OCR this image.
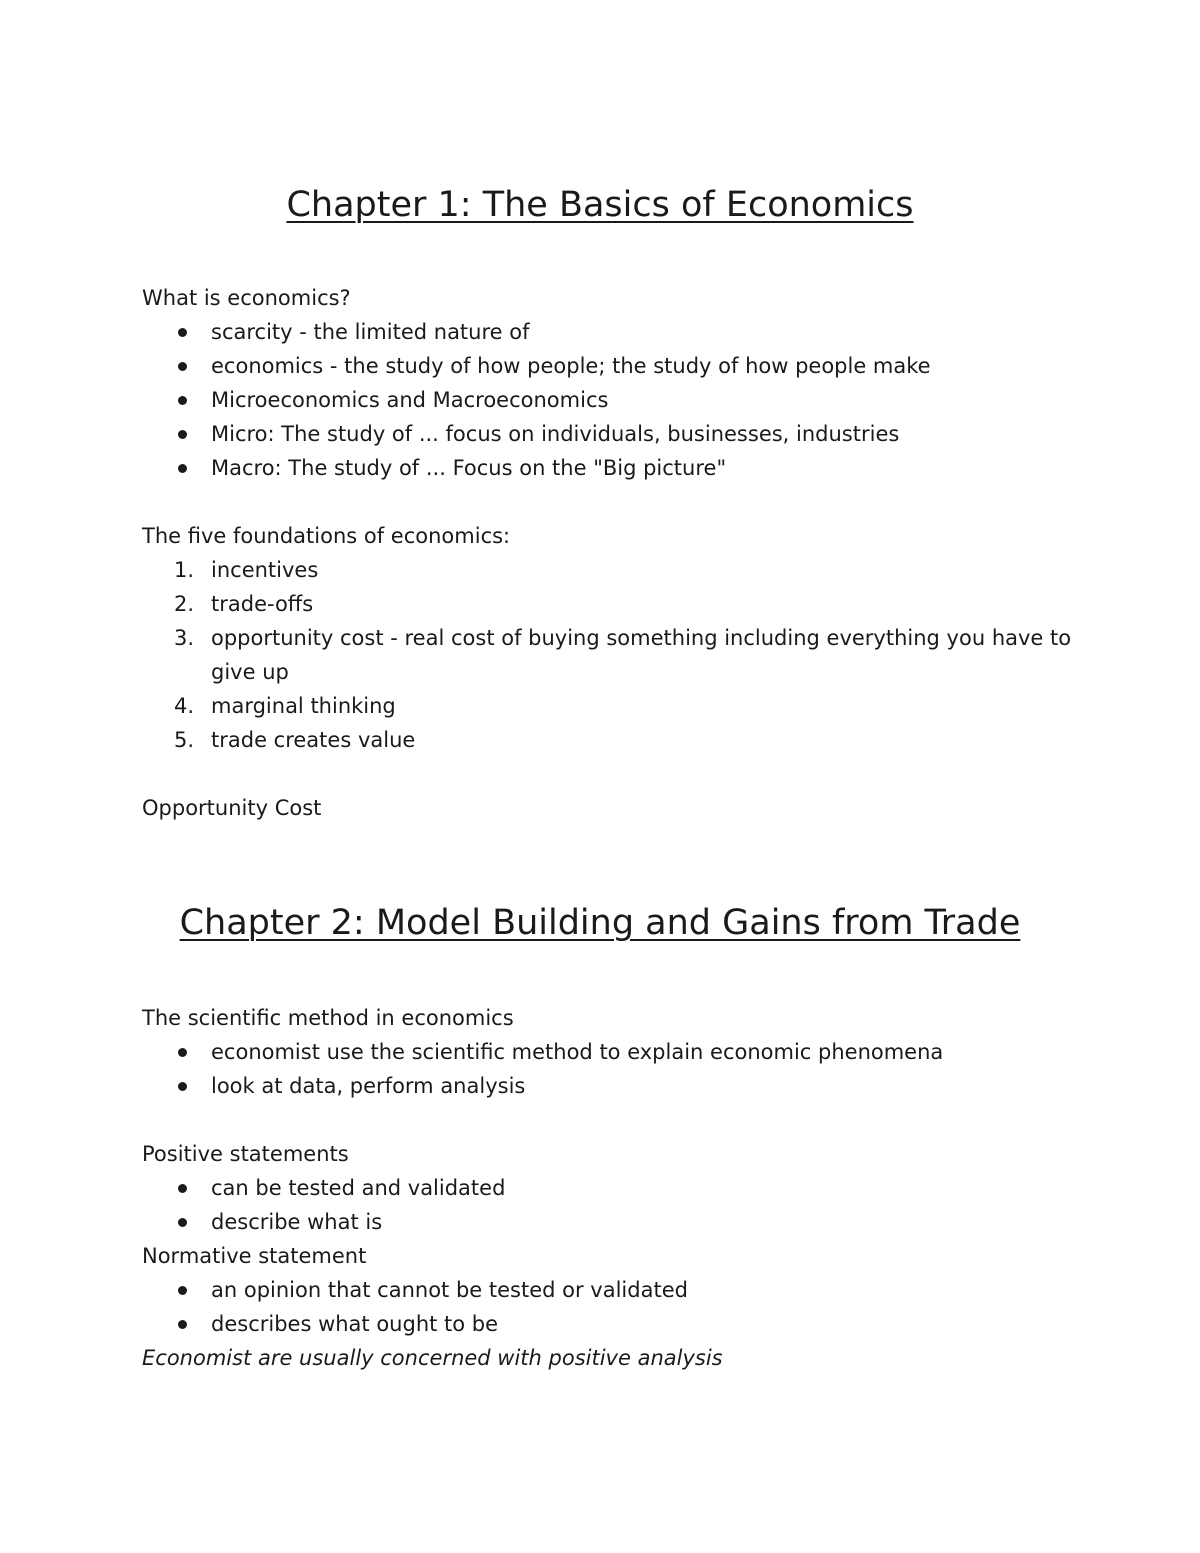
Chapter 1: The Basics of Economics
What is economics?
scarcity - the limited nature of
economics - the study of how people; the study of how people make
Microeconomics and Macroeconomics
Micro: The study of ... focus on individuals, businesses, industries
Macro: The study of ... Focus on the "Big picture"
The five foundations of economics:
1. incentives
2. trade-offs
3. opportunity cost - real cost of buying something including everything you have to
give up
4. marginal thinking
5. trade creates value
Opportunity Cost
Chapter 2: Model Building and Gains from Trade
The scientific method in economics
economist use the scientific method to explain economic phenomena
look at data, perform analysis
Positive statements
can be tested and validated
describe what is
Normative statement
an opinion that cannot be tested or validated
describes what ought to be
Economist are usually concerned with positive analysis
